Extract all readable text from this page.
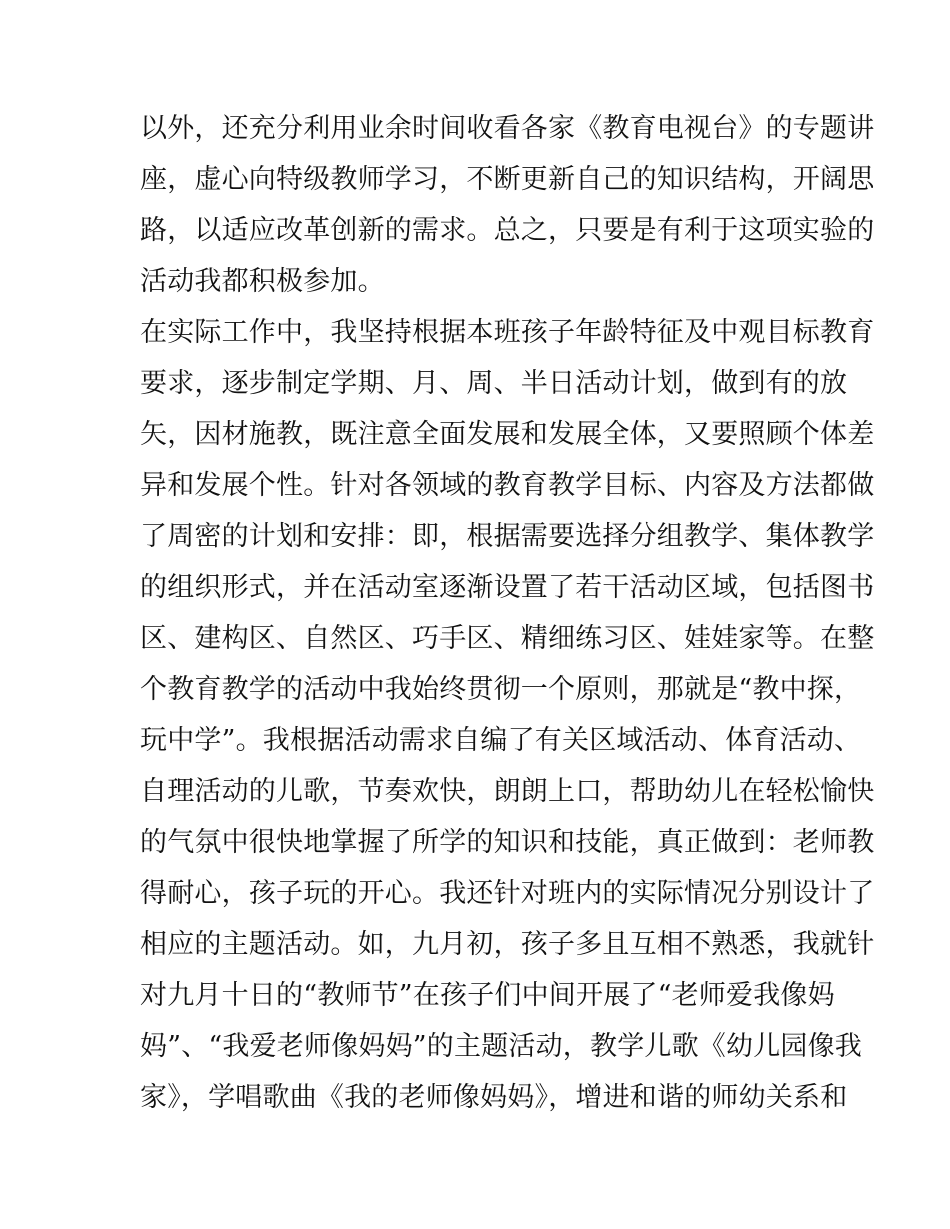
以外，还充分利用业余时间收看各家《教育电视台》的专题讲
座，虚心向特级教师学习，不断更新自己的知识结构，开阔思
路，以适应改革创新的需求。总之，只要是有利于这项实验的
活动我都积极参加。
在实际工作中，我坚持根据本班孩子年龄特征及中观目标教育
要求，逐步制定学期、月、周、半日活动计划，做到有的放
矢，因材施教，既注意全面发展和发展全体，又要照顾个体差
异和发展个性。针对各领域的教育教学目标、内容及方法都做
了周密的计划和安排：即，根据需要选择分组教学、集体教学
的组织形式，并在活动室逐渐设置了若干活动区域，包括图书
区、建构区、自然区、巧手区、精细练习区、娃娃家等。在整
个教育教学的活动中我始终贯彻一个原则，那就是“教中探，
玩中学”。我根据活动需求自编了有关区域活动、体育活动、
自理活动的儿歌，节奏欢快，朗朗上口，帮助幼儿在轻松愉快
的气氛中很快地掌握了所学的知识和技能，真正做到：老师教
得耐心，孩子玩的开心。我还针对班内的实际情况分别设计了
相应的主题活动。如，九月初，孩子多且互相不熟悉，我就针
对九月十日的“教师节”在孩子们中间开展了“老师爱我像妈
妈”、“我爱老师像妈妈”的主题活动，教学儿歌《幼儿园像我
家》，学唱歌曲《我的老师像妈妈》，增进和谐的师幼关系和
